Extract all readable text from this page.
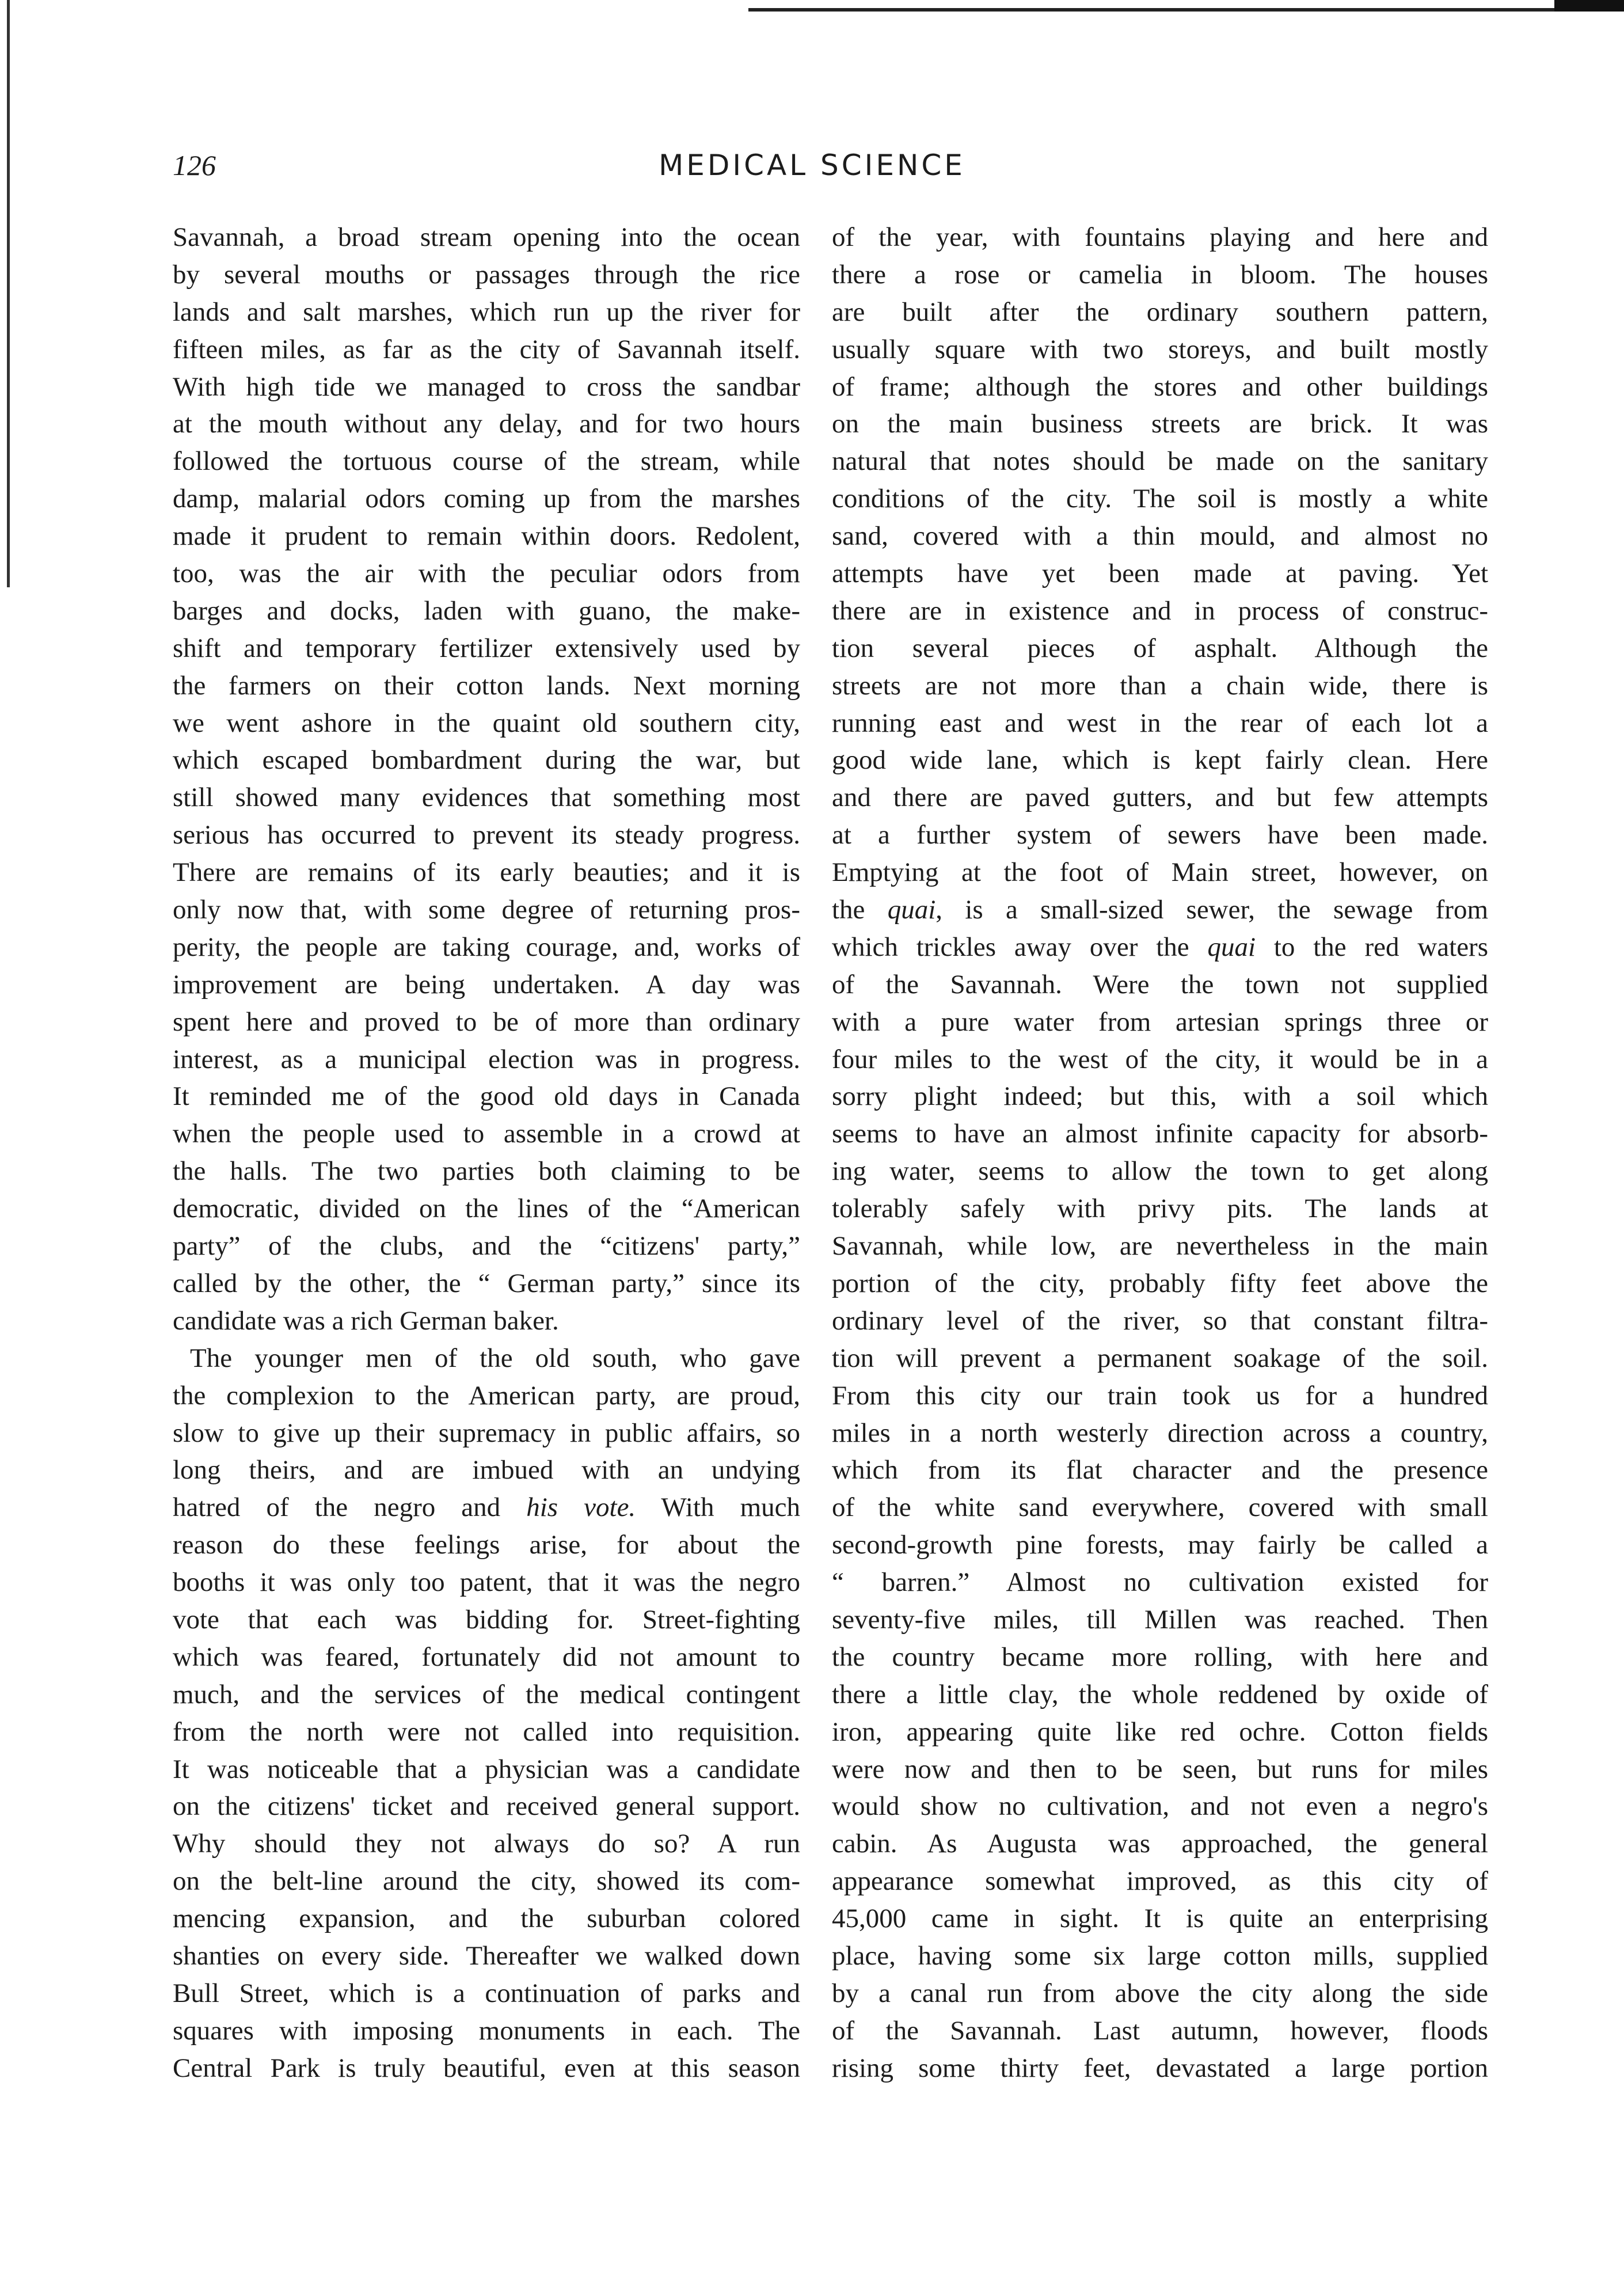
126	MEDICAL SCIENCE
Savannah, a broad stream opening into the ocean
by several mouths or passages through the rice
lands and salt marshes, which run up the river for
fifteen miles, as far as the city of Savannah itself.
With high tide we managed to cross the sandbar
at the mouth without any delay, and for two hours
followed the tortuous course of the stream, while
damp, malarial odors coming up from the marshes
made it prudent to remain within doors. Redolent,
too, was the air with the peculiar odors from
barges and docks, laden with guano, the make-
shift and temporary fertilizer extensively used by
the farmers on their cotton lands. Next morning
we went ashore in the quaint old southern city,
which escaped bombardment during the war, but
still showed many evidences that something most
serious has occurred to prevent its steady progress.
There are remains of its early beauties; and it is
only now that, with some degree of returning pros-
perity, the people are taking courage, and, works of
improvement are being undertaken. A day was
spent here and proved to be of more than ordinary
interest, as a municipal election was in progress.
It reminded me of the good old days in Canada
when the people used to assemble in a crowd at
the halls. The two parties both claiming to be
democratic, divided on the lines of the “American
party” of the clubs, and the “citizens' party,”
called by the other, the “ German party,” since its
candidate was a rich German baker.
The younger men of the old south, who gave
the complexion to the American party, are proud,
slow to give up their supremacy in public affairs, so
long theirs, and are imbued with an undying
hatred of the negro and his vote. With much
reason do these feelings arise, for about the
booths it was only too patent, that it was the negro
vote that each was bidding for. Street-fighting
which was feared, fortunately did not amount to
much, and the services of the medical contingent
from the north were not called into requisition.
It was noticeable that a physician was a candidate
on the citizens' ticket and received general support.
Why should they not always do so? A run
on the belt-line around the city, showed its com-
mencing expansion, and the suburban colored
shanties on every side. Thereafter we walked down
Bull Street, which is a continuation of parks and
squares with imposing monuments in each. The
Central Park is truly beautiful, even at this season
of the year, with fountains playing and here and
there a rose or camelia in bloom. The houses
are built after the ordinary southern pattern,
usually square with two storeys, and built mostly
of frame; although the stores and other buildings
on the main business streets are brick. It was
natural that notes should be made on the sanitary
conditions of the city. The soil is mostly a white
sand, covered with a thin mould, and almost no
attempts have yet been made at paving. Yet
there are in existence and in process of construc-
tion several pieces of asphalt. Although the
streets are not more than a chain wide, there is
running east and west in the rear of each lot a
good wide lane, which is kept fairly clean. Here
and there are paved gutters, and but few attempts
at a further system of sewers have been made.
Emptying at the foot of Main street, however, on
the quai, is a small-sized sewer, the sewage from
which trickles away over the quai to the red waters
of the Savannah. Were the town not supplied
with a pure water from artesian springs three or
four miles to the west of the city, it would be in a
sorry plight indeed; but this, with a soil which
seems to have an almost infinite capacity for absorb-
ing water, seems to allow the town to get along
tolerably safely with privy pits. The lands at
Savannah, while low, are nevertheless in the main
portion of the city, probably fifty feet above the
ordinary level of the river, so that constant filtra-
tion will prevent a permanent soakage of the soil.
From this city our train took us for a hundred
miles in a north westerly direction across a country,
which from its flat character and the presence
of the white sand everywhere, covered with small
second-growth pine forests, may fairly be called a
“ barren.” Almost no cultivation existed for
seventy-five miles, till Millen was reached. Then
the country became more rolling, with here and
there a little clay, the whole reddened by oxide of
iron, appearing quite like red ochre. Cotton fields
were now and then to be seen, but runs for miles
would show no cultivation, and not even a negro's
cabin. As Augusta was approached, the general
appearance somewhat improved, as this city of
45,000 came in sight. It is quite an enterprising
place, having some six large cotton mills, supplied
by a canal run from above the city along the side
of the Savannah. Last autumn, however, floods
rising some thirty feet, devastated a large portion
